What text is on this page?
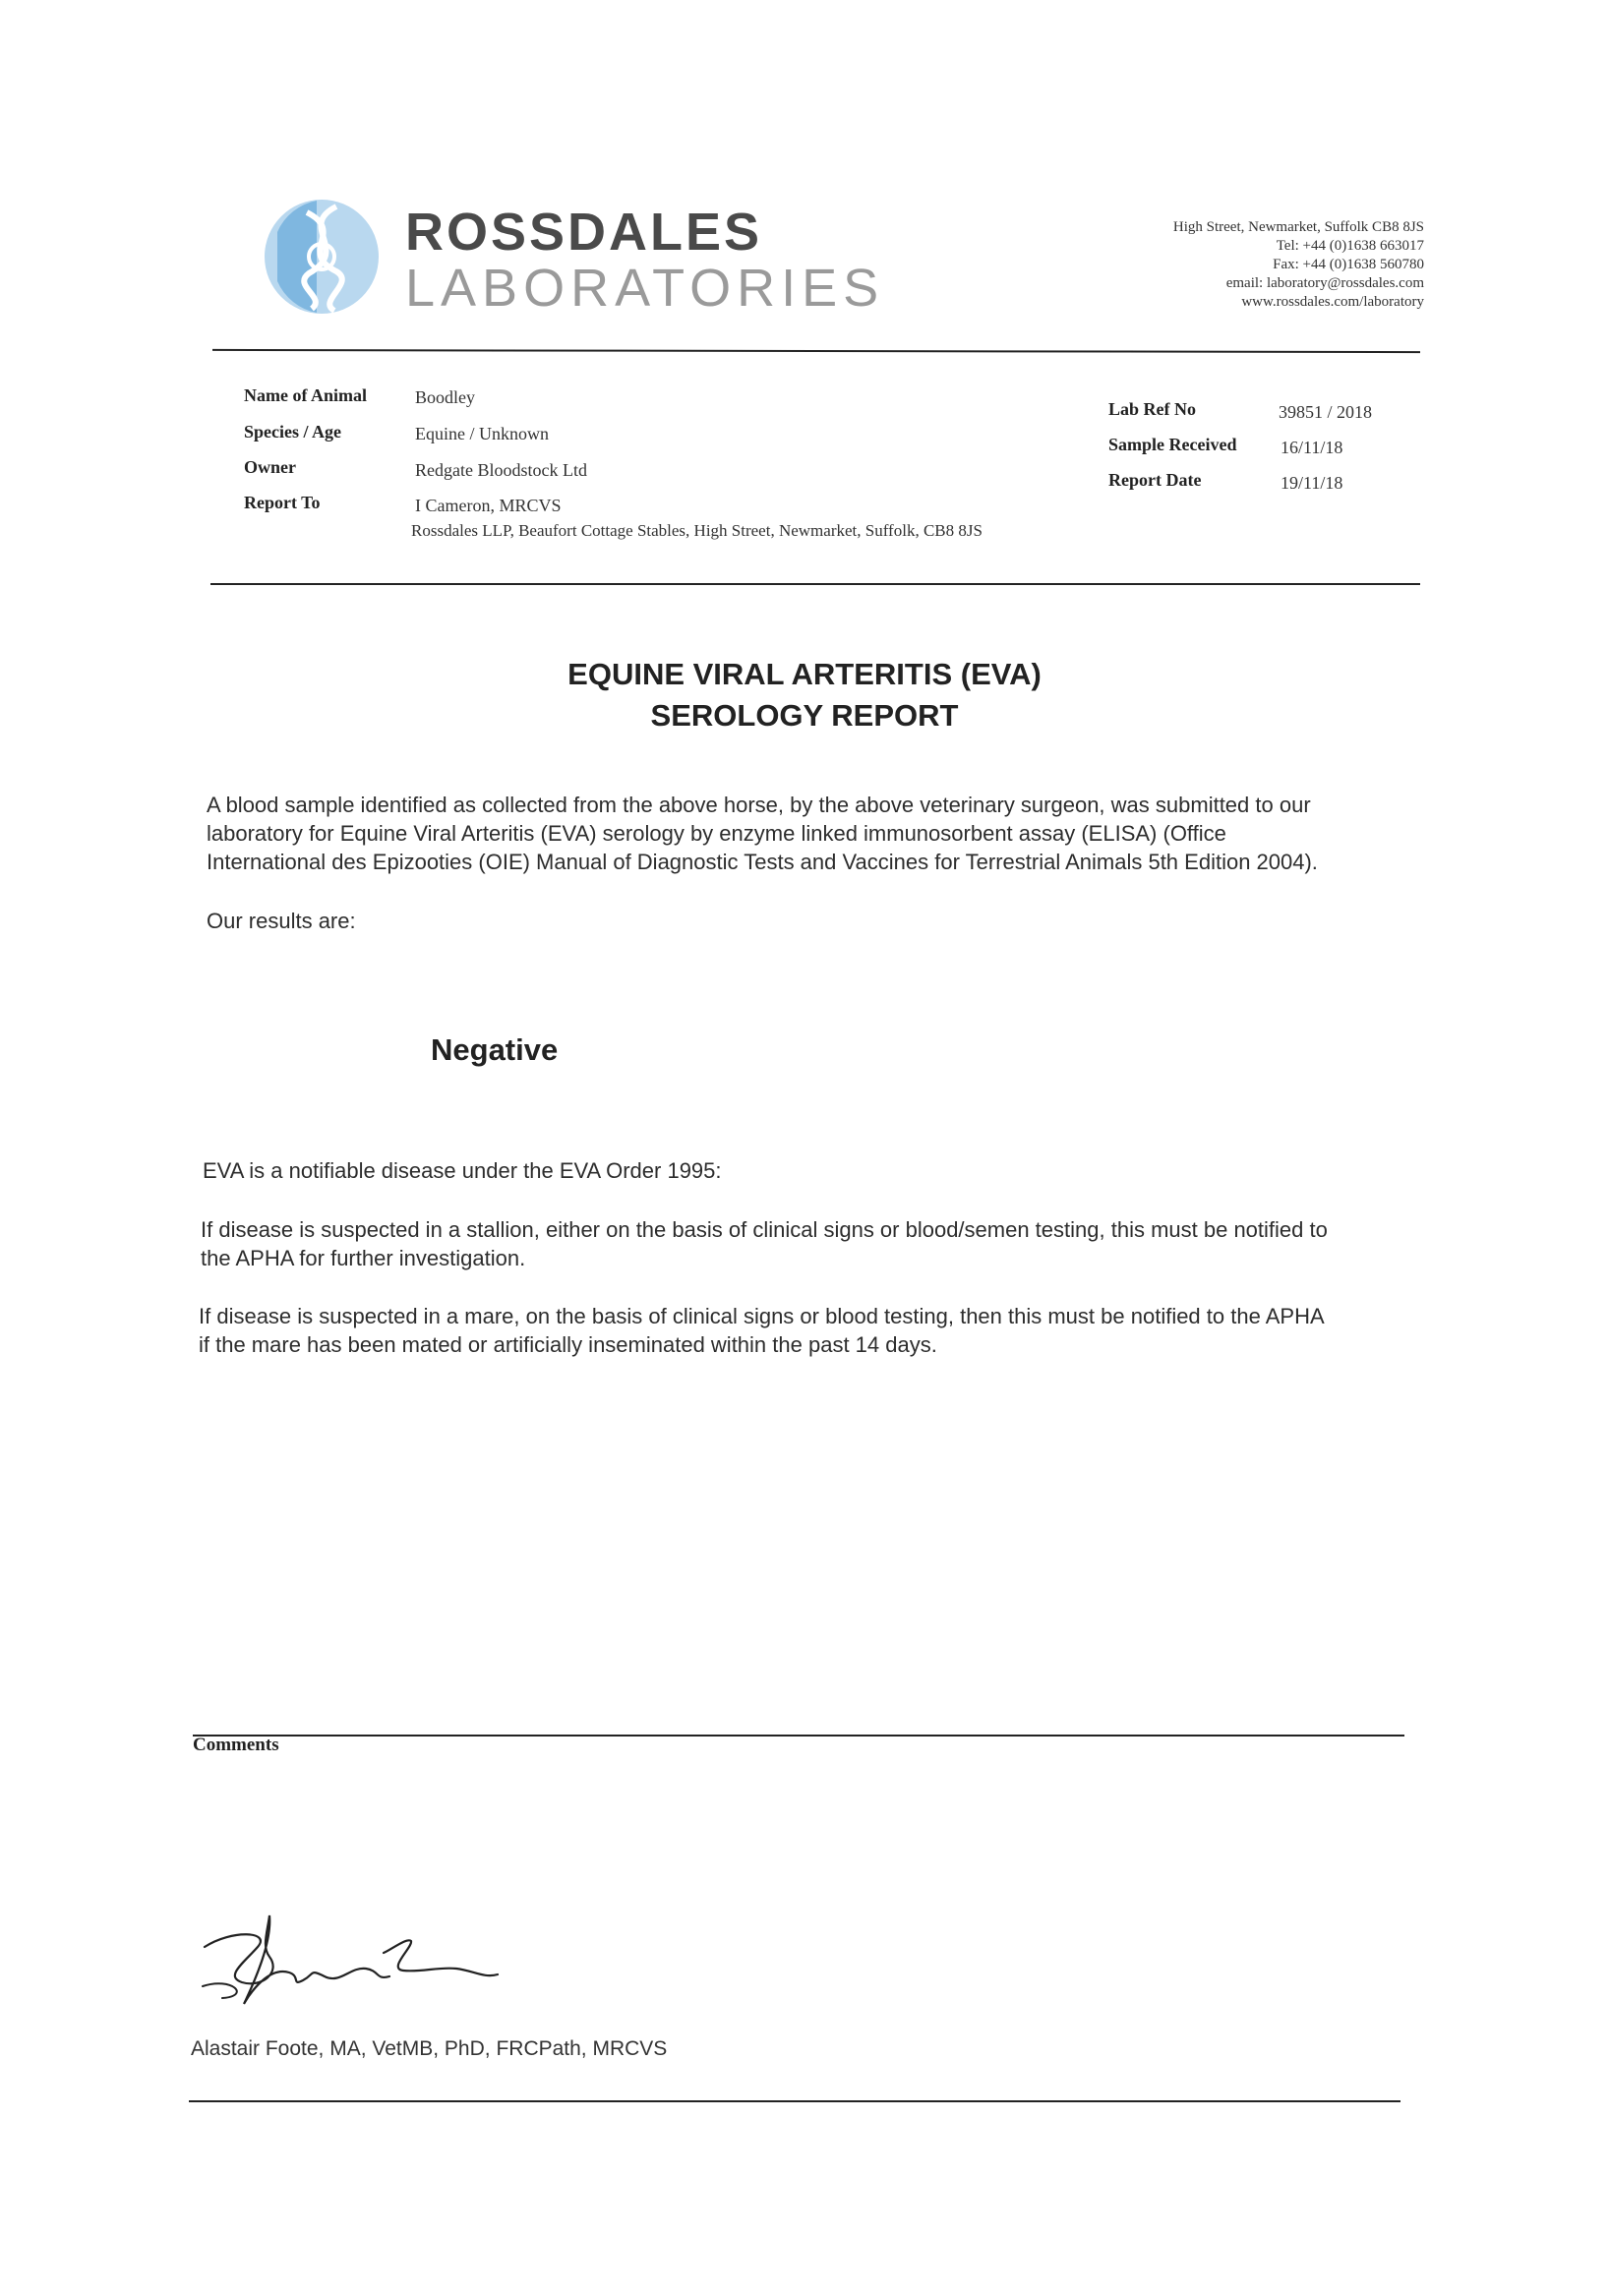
ROSSDALES
LABORATORIES
High Street, Newmarket, Suffolk CB8 8JS
Tel: +44 (0)1638 663017
Fax: +44 (0)1638 560780
email: laboratory@rossdales.com
www.rossdales.com/laboratory
Name of Animal	Boodley
Species / Age	Equine / Unknown
Owner	Redgate Bloodstock Ltd
Report To	I Cameron, MRCVS
Rossdales LLP, Beaufort Cottage Stables, High Street, Newmarket, Suffolk, CB8 8JS
Lab Ref No	39851 / 2018
Sample Received 16/11/18
Report Date	19/11/18
EQUINE VIRAL ARTERITIS (EVA)
SEROLOGY REPORT
A blood sample identified as collected from the above horse, by the above veterinary surgeon, was submitted to our
laboratory for Equine Viral Arteritis (EVA) serology by enzyme linked immunosorbent assay (ELISA) (Office
International des Epizooties (OIE) Manual of Diagnostic Tests and Vaccines for Terrestrial Animals 5th Edition 2004).
Our results are:
Negative
EVA is a notifiable disease under the EVA Order 1995:
If disease is suspected in a stallion, either on the basis of clinical signs or blood/semen testing, this must be notified to
the APHA for further investigation.
If disease is suspected in a mare, on the basis of clinical signs or blood testing, then this must be notified to the APHA
if the mare has been mated or artificially inseminated within the past 14 days.
Comments
Alastair Foote, MA, VetMB, PhD, FRCPath, MRCVS
